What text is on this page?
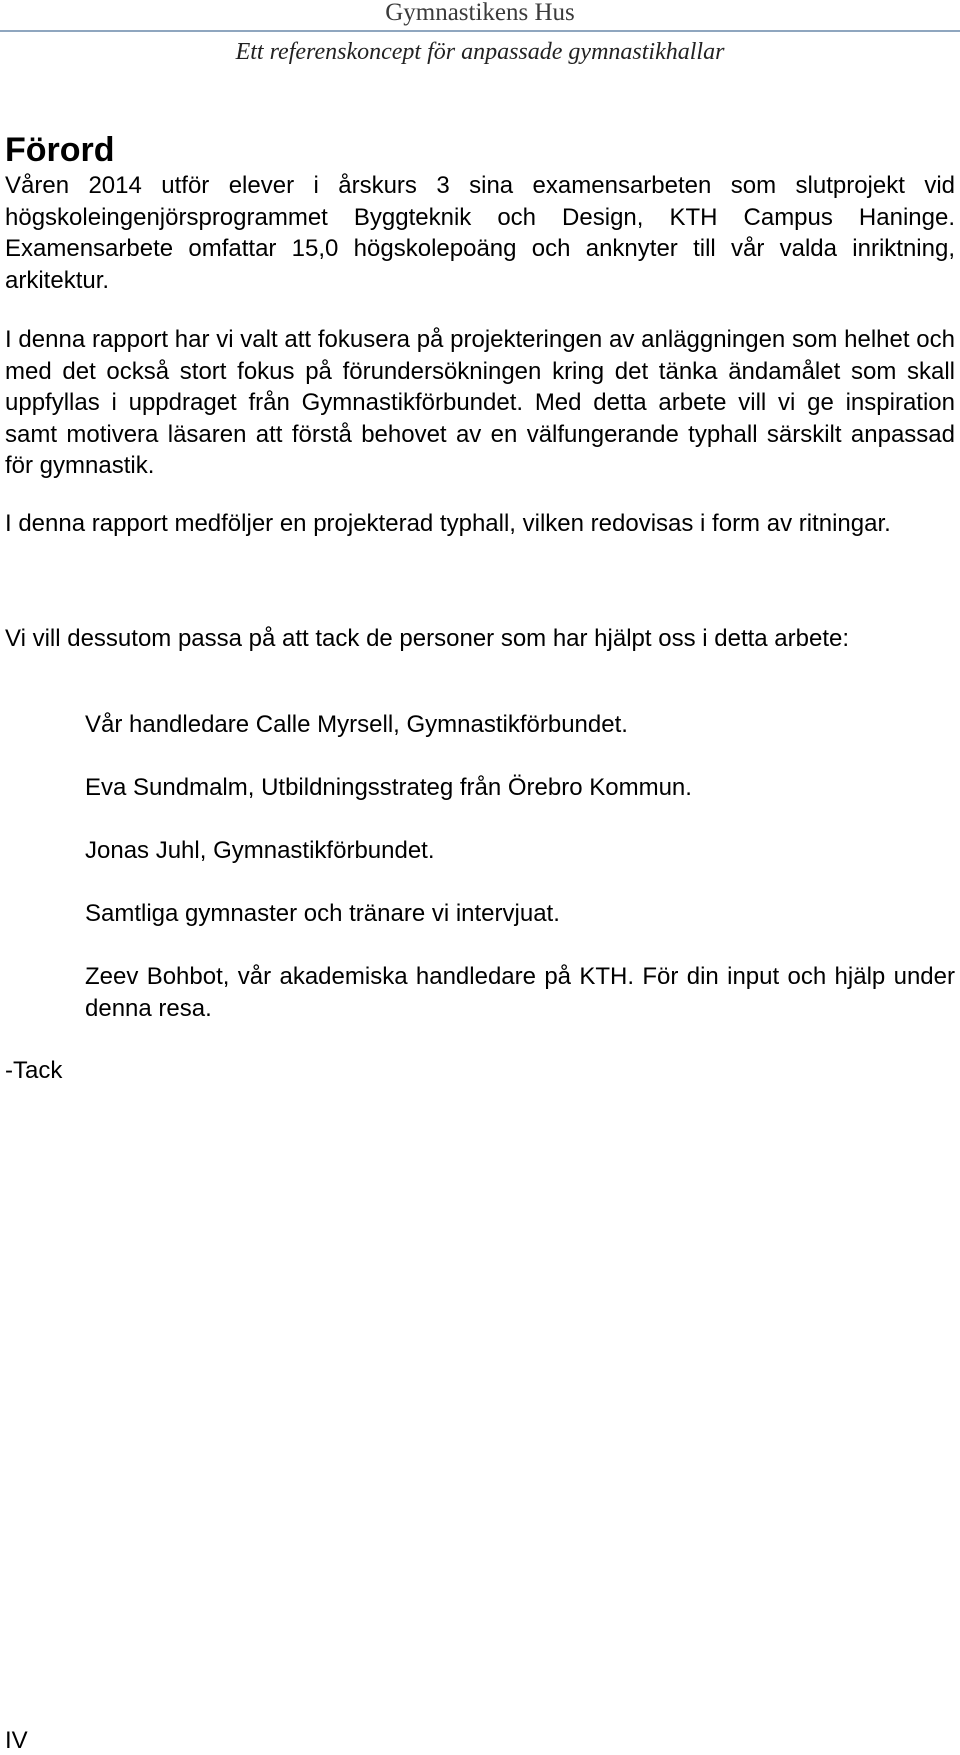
Gymnastikens Hus
Ett referenskoncept för anpassade gymnastikhallar
Förord

Våren 2014 utför elever i årskurs 3 sina examensarbeten som slutprojekt vid högskoleingenjörsprogrammet Byggteknik och Design, KTH Campus Haninge. Examensarbete omfattar 15,0 högskolepoäng och anknyter till vår valda inriktning, arkitektur.

I denna rapport har vi valt att fokusera på projekteringen av anläggningen som helhet och med det också stort fokus på förundersökningen kring det tänka ändamålet som skall uppfyllas i uppdraget från Gymnastikförbundet. Med detta arbete vill vi ge inspiration samt motivera läsaren att förstå behovet av en välfungerande typhall särskilt anpassad för gymnastik.

I denna rapport medföljer en projekterad typhall, vilken redovisas i form av ritningar.

Vi vill dessutom passa på att tack de personer som har hjälpt oss i detta arbete:

Vår handledare Calle Myrsell, Gymnastikförbundet.
Eva Sundmalm, Utbildningsstrateg från Örebro Kommun.
Jonas Juhl, Gymnastikförbundet.
Samtliga gymnaster och tränare vi intervjuat.
Zeev Bohbot, vår akademiska handledare på KTH. För din input och hjälp under denna resa.

-Tack

IV
